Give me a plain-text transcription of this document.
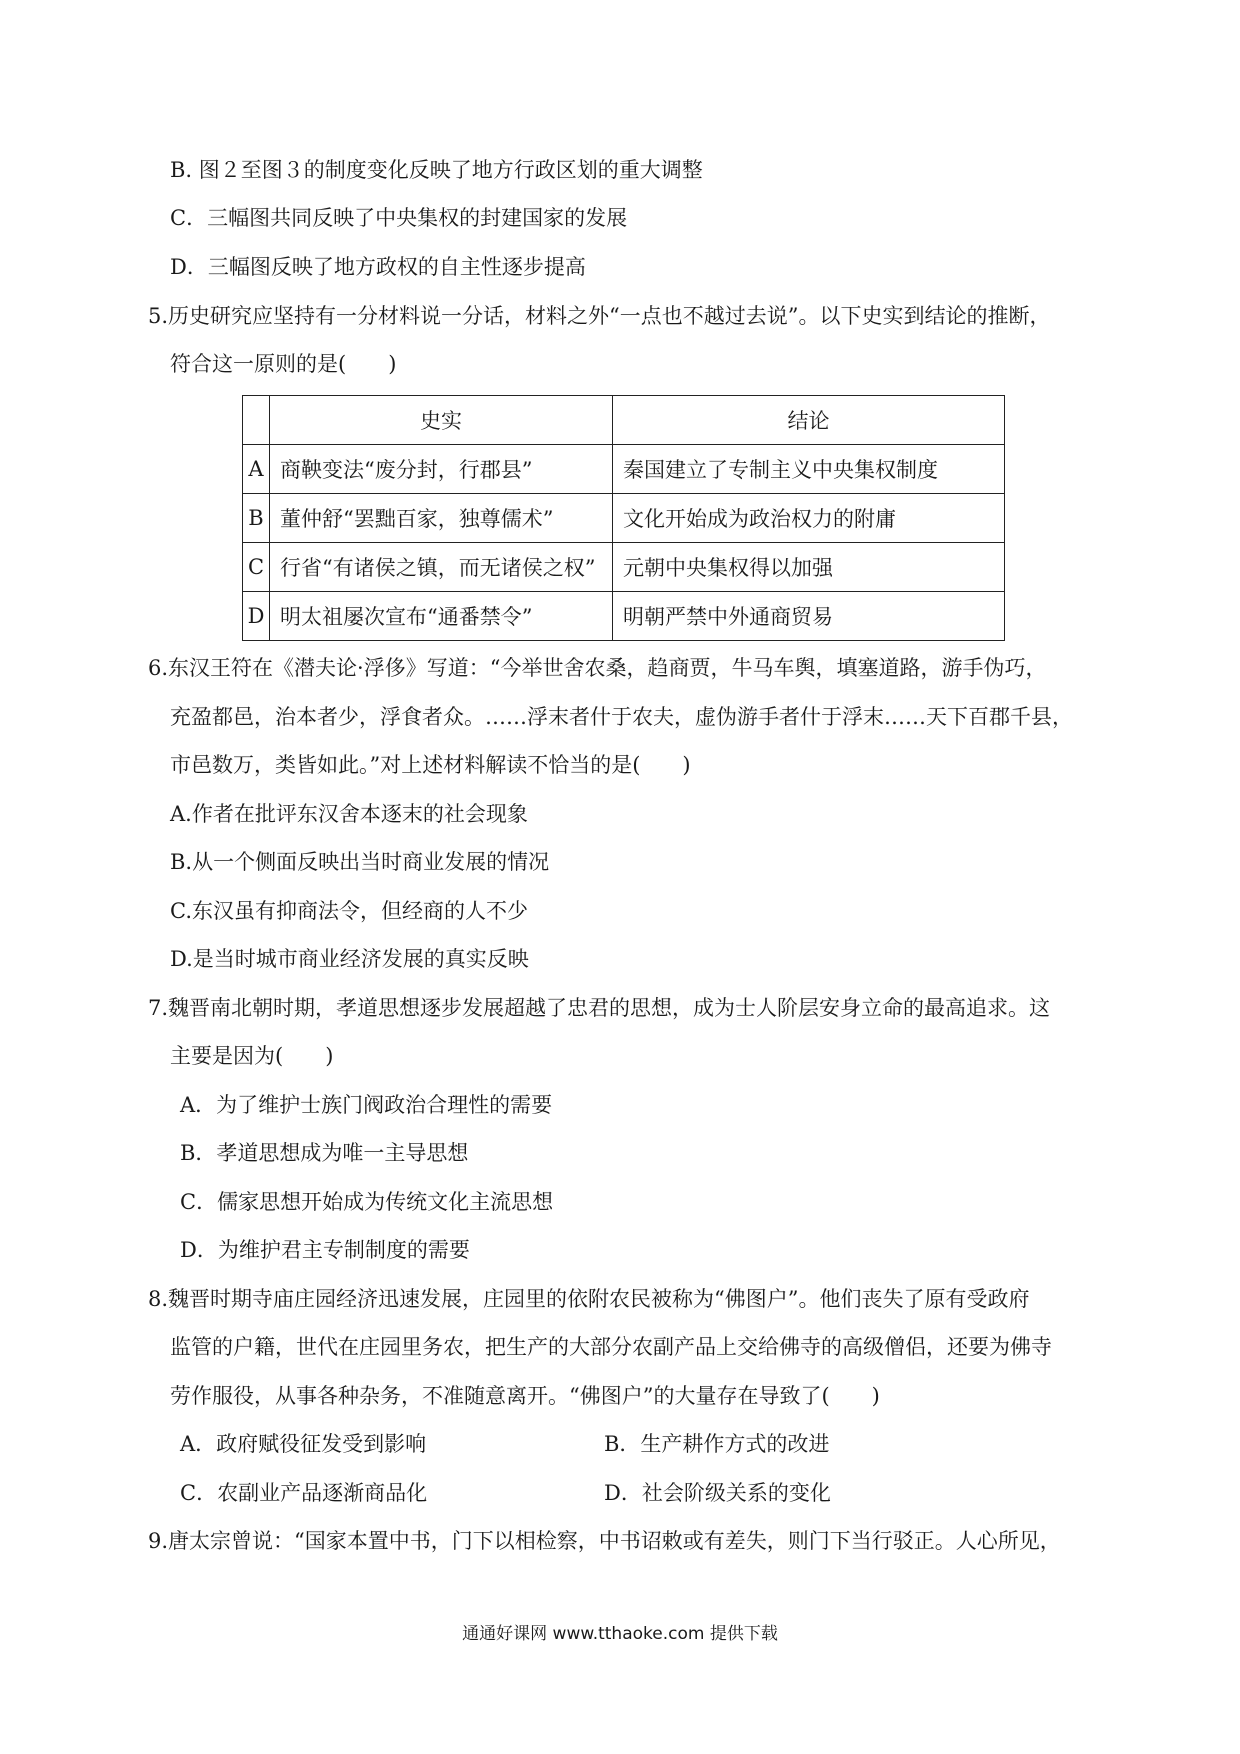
B. 图２至图３的制度变化反映了地方行政区划的重大调整
C．三幅图共同反映了中央集权的封建国家的发展
D．三幅图反映了地方政权的自主性逐步提高
5.历史研究应坚持有一分材料说一分话，材料之外“一点也不越过去说”。以下史实到结论的推断，
符合这一原则的是(　　)
	史实	结论
A	商鞅变法“废分封，行郡县”	秦国建立了专制主义中央集权制度
B	董仲舒“罢黜百家，独尊儒术”	文化开始成为政治权力的附庸
C	行省“有诸侯之镇，而无诸侯之权”	元朝中央集权得以加强
D	明太祖屡次宣布“通番禁令”	明朝严禁中外通商贸易
6.东汉王符在《潜夫论·浮侈》写道：“今举世舍农桑，趋商贾，牛马车舆，填塞道路，游手伪巧，
充盈都邑，治本者少，浮食者众。……浮末者什于农夫，虚伪游手者什于浮末……天下百郡千县，
市邑数万，类皆如此。”对上述材料解读不恰当的是(　　)
A.作者在批评东汉舍本逐末的社会现象
B.从一个侧面反映出当时商业发展的情况
C.东汉虽有抑商法令，但经商的人不少
D.是当时城市商业经济发展的真实反映
7.魏晋南北朝时期，孝道思想逐步发展超越了忠君的思想，成为士人阶层安身立命的最高追求。这
主要是因为(　　)
A．为了维护士族门阀政治合理性的需要
B．孝道思想成为唯一主导思想
C．儒家思想开始成为传统文化主流思想
D．为维护君主专制制度的需要
8.魏晋时期寺庙庄园经济迅速发展，庄园里的依附农民被称为“佛图户”。他们丧失了原有受政府
监管的户籍，世代在庄园里务农，把生产的大部分农副产品上交给佛寺的高级僧侣，还要为佛寺
劳作服役，从事各种杂务，不准随意离开。“佛图户”的大量存在导致了(　　)
A．政府赋役征发受到影响	B．生产耕作方式的改进
C．农副业产品逐渐商品化	D．社会阶级关系的变化
9.唐太宗曾说：“国家本置中书，门下以相检察，中书诏敕或有差失，则门下当行驳正。人心所见，
通通好课网 www.tthaoke.com 提供下载
